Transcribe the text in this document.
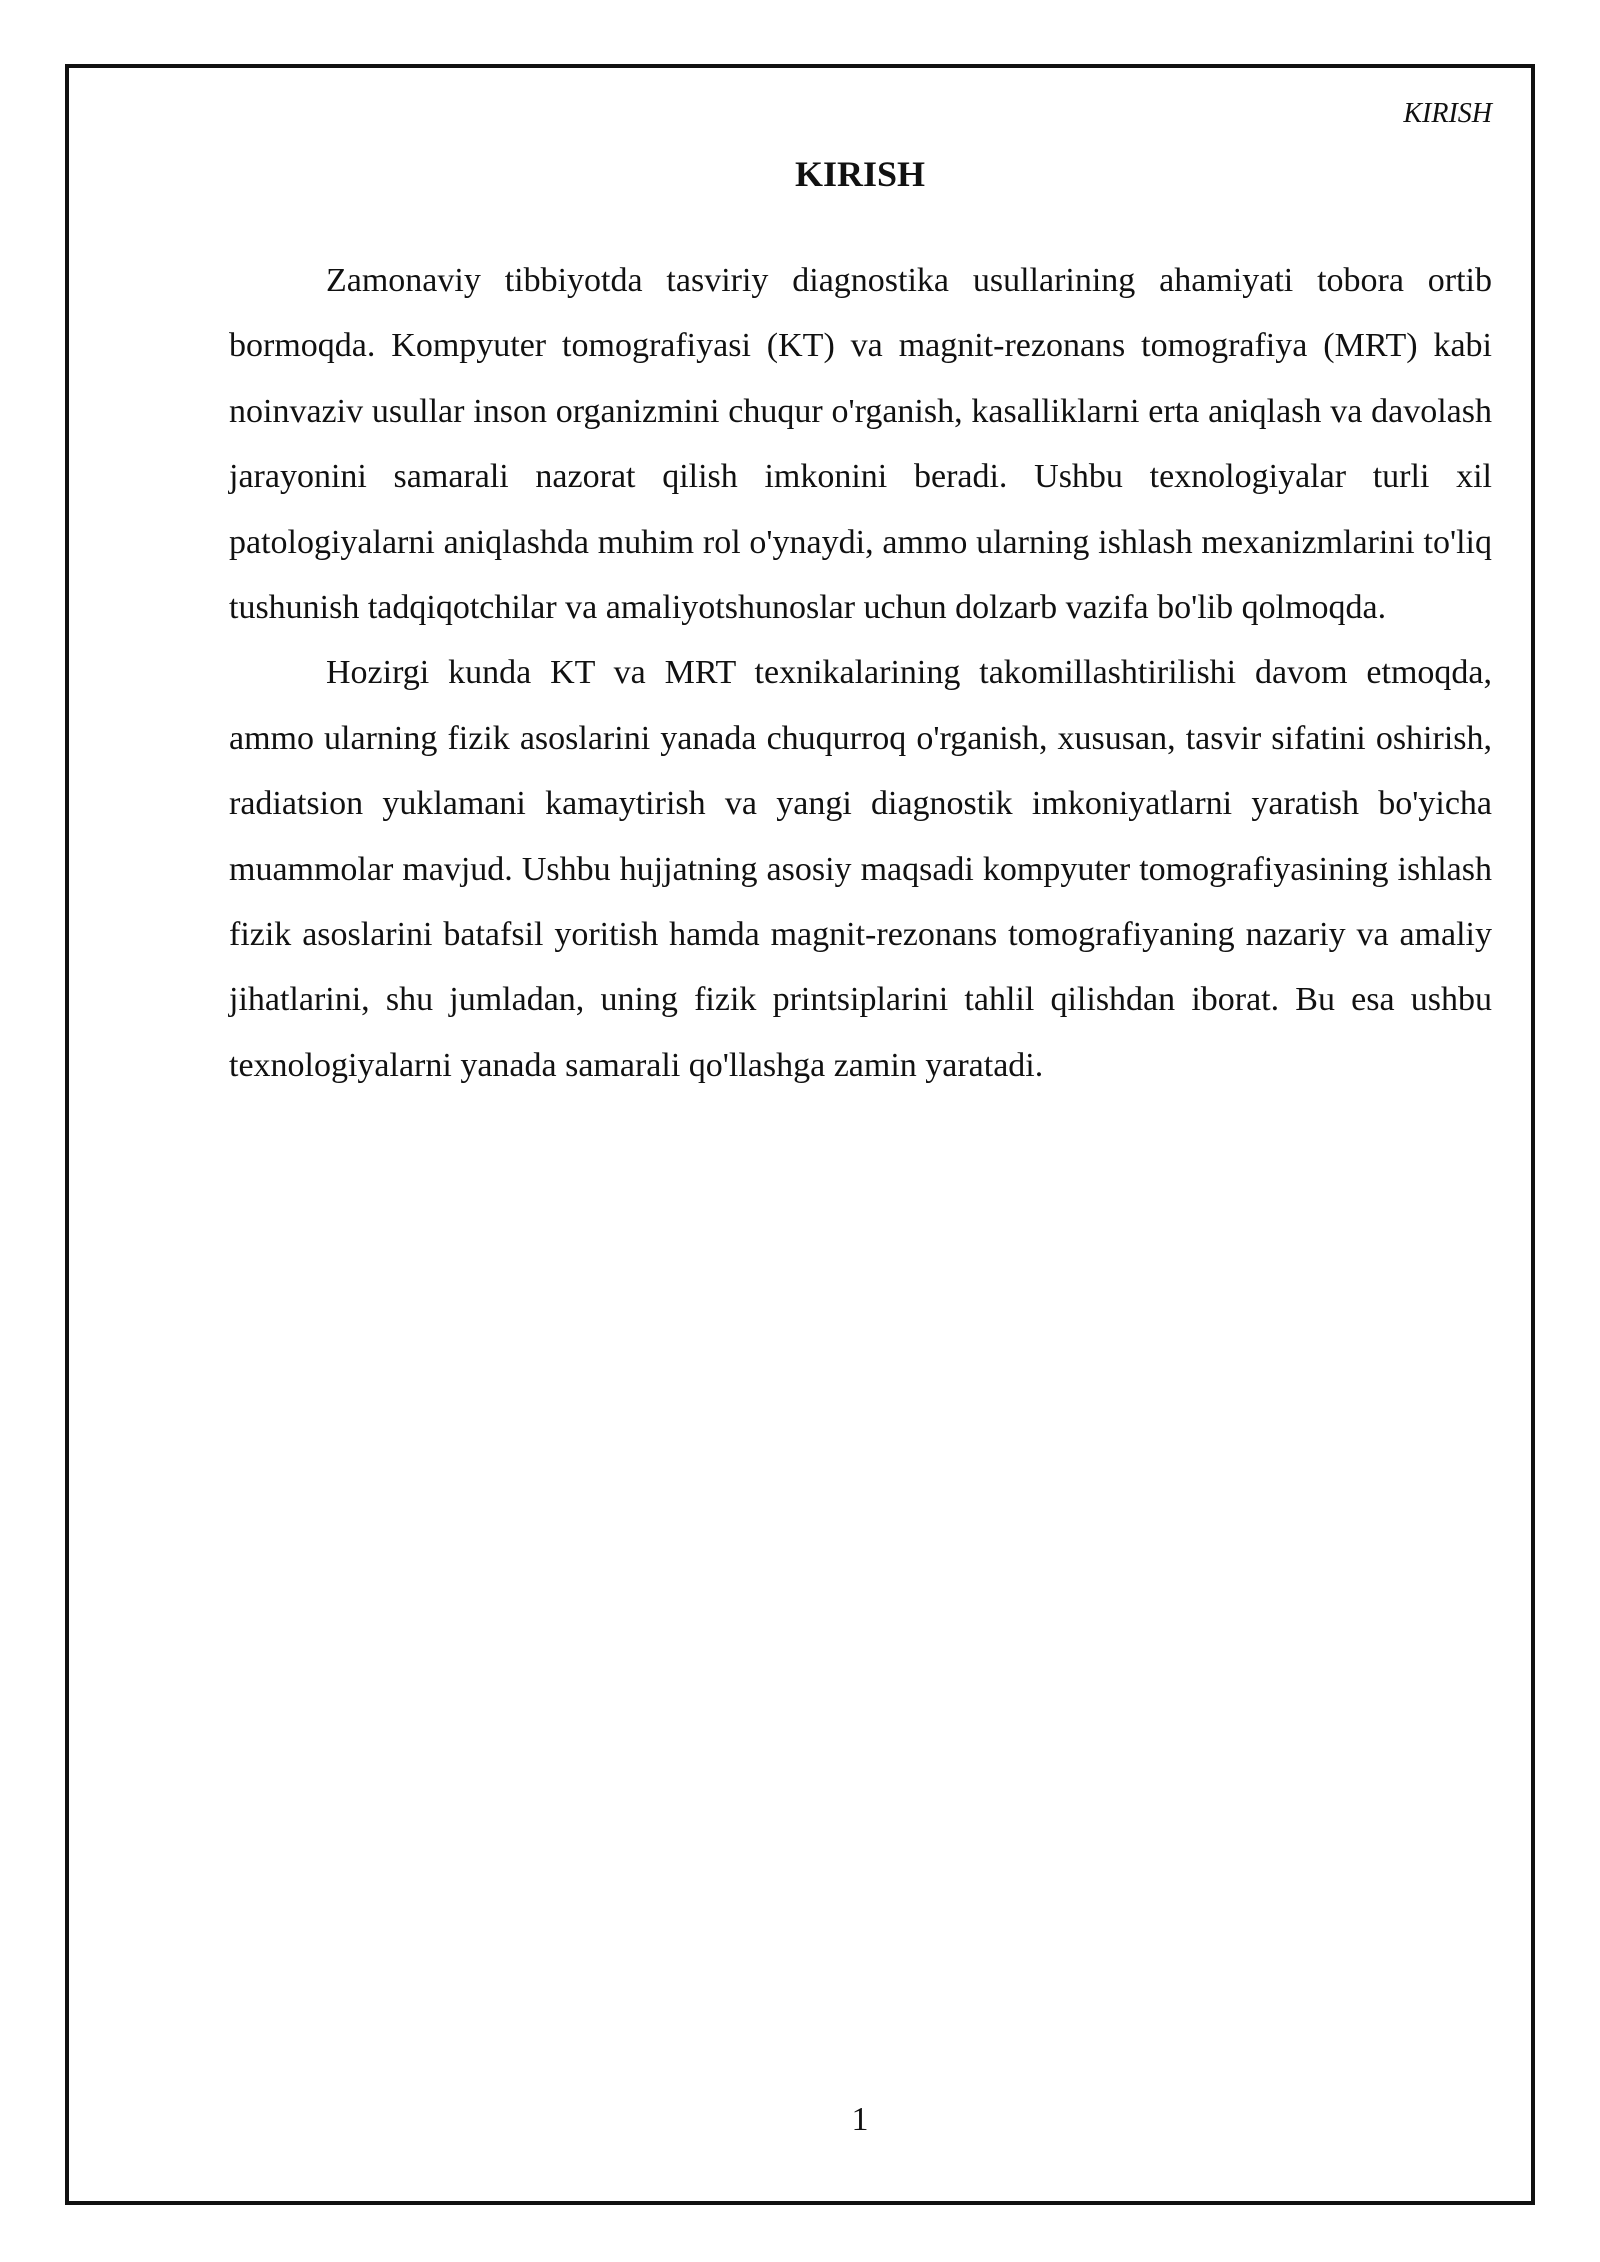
KIRISH
KIRISH

Zamonaviy tibbiyotda tasviriy diagnostika usullarining ahamiyati tobora ortib bormoqda. Kompyuter tomografiyasi (KT) va magnit-rezonans tomografiya (MRT) kabi noinvaziv usullar inson organizmini chuqur o'rganish, kasalliklarni erta aniqlash va davolash jarayonini samarali nazorat qilish imkonini beradi. Ushbu texnologiyalar turli xil patologiyalarni aniqlashda muhim rol o'ynaydi, ammo ularning ishlash mexanizmlarini to'liq tushunish tadqiqotchilar va amaliyotshunoslar uchun dolzarb vazifa bo'lib qolmoqda.

Hozirgi kunda KT va MRT texnikalarining takomillashtirilishi davom etmoqda, ammo ularning fizik asoslarini yanada chuqurroq o'rganish, xususan, tasvir sifatini oshirish, radiatsion yuklamani kamaytirish va yangi diagnostik imkoniyatlarni yaratish bo'yicha muammolar mavjud. Ushbu hujjatning asosiy maqsadi kompyuter tomografiyasining ishlash fizik asoslarini batafsil yoritish hamda magnit-rezonans tomografiyaning nazariy va amaliy jihatlarini, shu jumladan, uning fizik printsiplarini tahlil qilishdan iborat. Bu esa ushbu texnologiyalarni yanada samarali qo'llashga zamin yaratadi.

1
